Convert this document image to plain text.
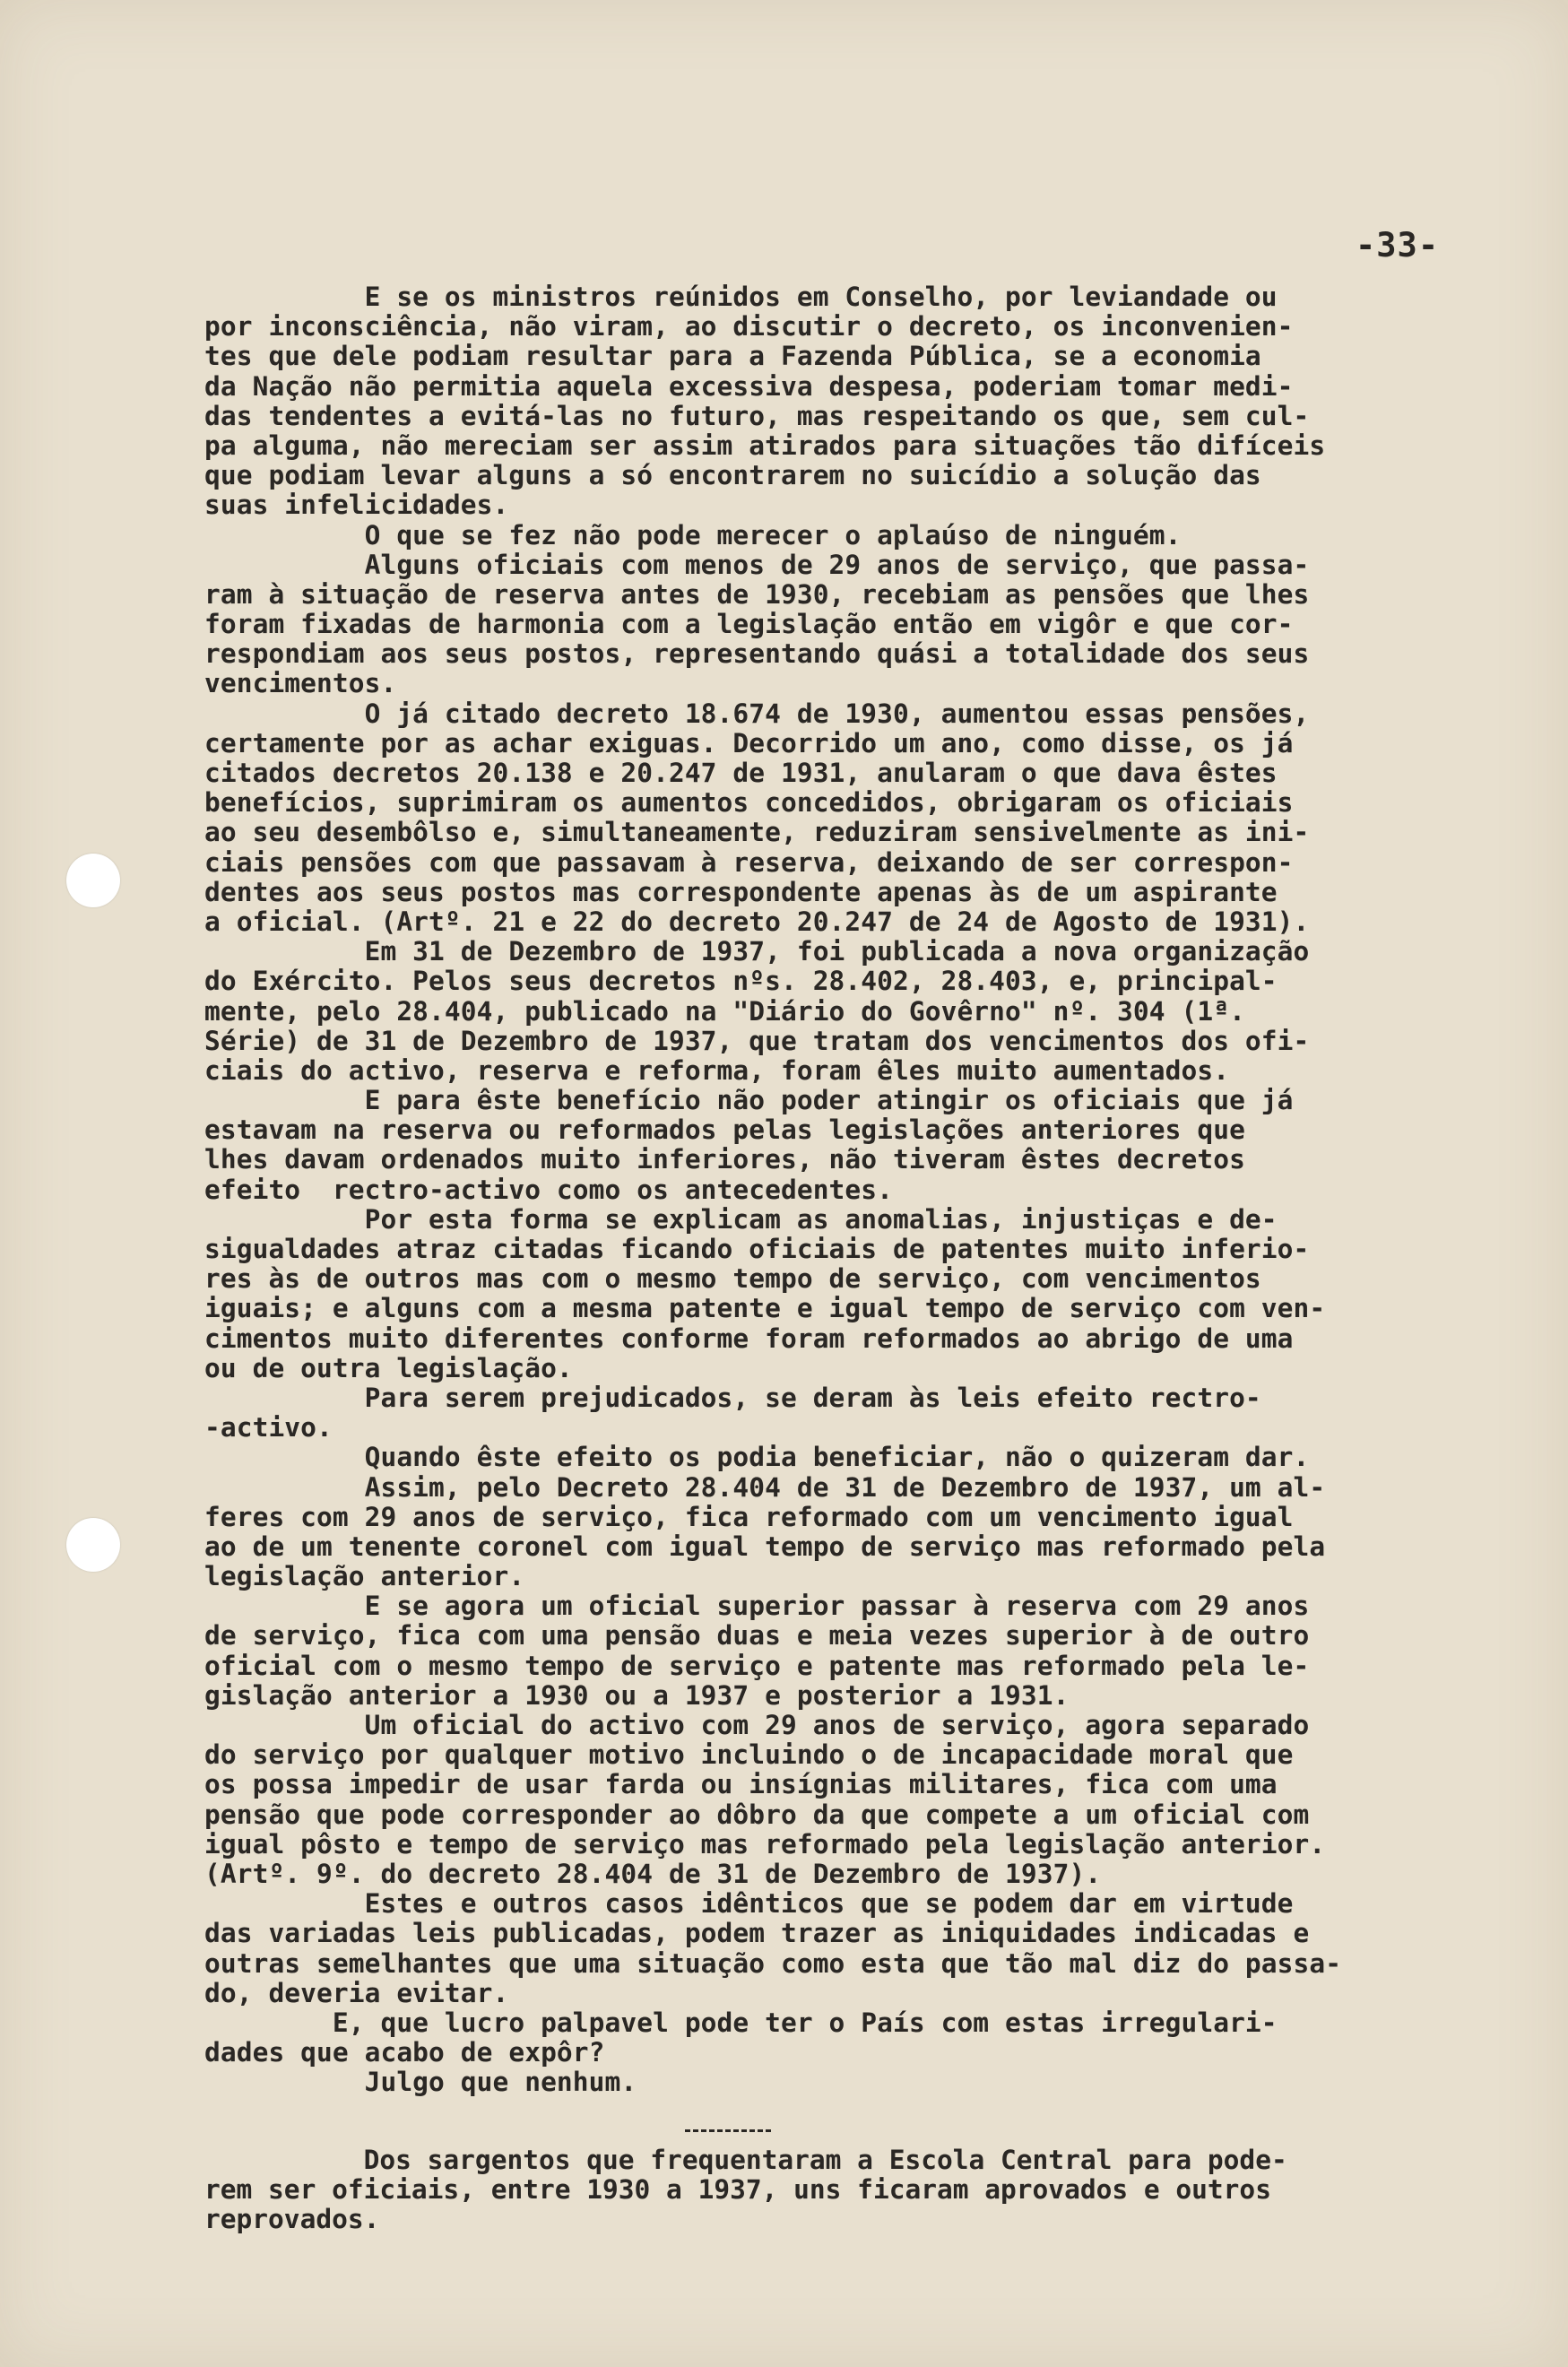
-33-
E se os ministros reúnidos em Conselho, por leviandade ou
por inconsciência, não viram, ao discutir o decreto, os inconvenien-
tes que dele podiam resultar para a Fazenda Pública, se a economia
da Nação não permitia aquela excessiva despesa, poderiam tomar medi-
das tendentes a evitá-las no futuro, mas respeitando os que, sem cul-
pa alguma, não mereciam ser assim atirados para situações tão difíceis
que podiam levar alguns a só encontrarem no suicídio a solução das
suas infelicidades.
O que se fez não pode merecer o aplaúso de ninguém.
Alguns oficiais com menos de 29 anos de serviço, que passa-
ram à situação de reserva antes de 1930, recebiam as pensões que lhes
foram fixadas de harmonia com a legislação então em vigôr e que cor-
respondiam aos seus postos, representando quási a totalidade dos seus
vencimentos.
O já citado decreto 18.674 de 1930, aumentou essas pensões,
certamente por as achar exiguas. Decorrido um ano, como disse, os já
citados decretos 20.138 e 20.247 de 1931, anularam o que dava êstes
benefícios, suprimiram os aumentos concedidos, obrigaram os oficiais
ao seu desembôlso e, simultaneamente, reduziram sensivelmente as ini-
ciais pensões com que passavam à reserva, deixando de ser correspon-
dentes aos seus postos mas correspondente apenas às de um aspirante
a oficial. (Artº. 21 e 22 do decreto 20.247 de 24 de Agosto de 1931).
Em 31 de Dezembro de 1937, foi publicada a nova organização
do Exército. Pelos seus decretos nºs. 28.402, 28.403, e, principal-
mente, pelo 28.404, publicado na "Diário do Govêrno" nº. 304 (1ª.
Série) de 31 de Dezembro de 1937, que tratam dos vencimentos dos ofi-
ciais do activo, reserva e reforma, foram êles muito aumentados.
E para êste benefício não poder atingir os oficiais que já
estavam na reserva ou reformados pelas legislações anteriores que
lhes davam ordenados muito inferiores, não tiveram êstes decretos
efeito  rectro-activo como os antecedentes.
Por esta forma se explicam as anomalias, injustiças e de-
sigualdades atraz citadas ficando oficiais de patentes muito inferio-
res às de outros mas com o mesmo tempo de serviço, com vencimentos
iguais; e alguns com a mesma patente e igual tempo de serviço com ven-
cimentos muito diferentes conforme foram reformados ao abrigo de uma
ou de outra legislação.
Para serem prejudicados, se deram às leis efeito rectro-
-activo.
Quando êste efeito os podia beneficiar, não o quizeram dar.
Assim, pelo Decreto 28.404 de 31 de Dezembro de 1937, um al-
feres com 29 anos de serviço, fica reformado com um vencimento igual
ao de um tenente coronel com igual tempo de serviço mas reformado pela
legislação anterior.
E se agora um oficial superior passar à reserva com 29 anos
de serviço, fica com uma pensão duas e meia vezes superior à de outro
oficial com o mesmo tempo de serviço e patente mas reformado pela le-
gislação anterior a 1930 ou a 1937 e posterior a 1931.
Um oficial do activo com 29 anos de serviço, agora separado
do serviço por qualquer motivo incluindo o de incapacidade moral que
os possa impedir de usar farda ou insígnias militares, fica com uma
pensão que pode corresponder ao dôbro da que compete a um oficial com
igual pôsto e tempo de serviço mas reformado pela legislação anterior.
(Artº. 9º. do decreto 28.404 de 31 de Dezembro de 1937).
Estes e outros casos idênticos que se podem dar em virtude
das variadas leis publicadas, podem trazer as iniquidades indicadas e
outras semelhantes que uma situação como esta que tão mal diz do passa-
do, deveria evitar.
E, que lucro palpavel pode ter o País com estas irregulari-
dades que acabo de expôr?
Julgo que nenhum.
Dos sargentos que frequentaram a Escola Central para pode-
rem ser oficiais, entre 1930 a 1937, uns ficaram aprovados e outros
reprovados.
